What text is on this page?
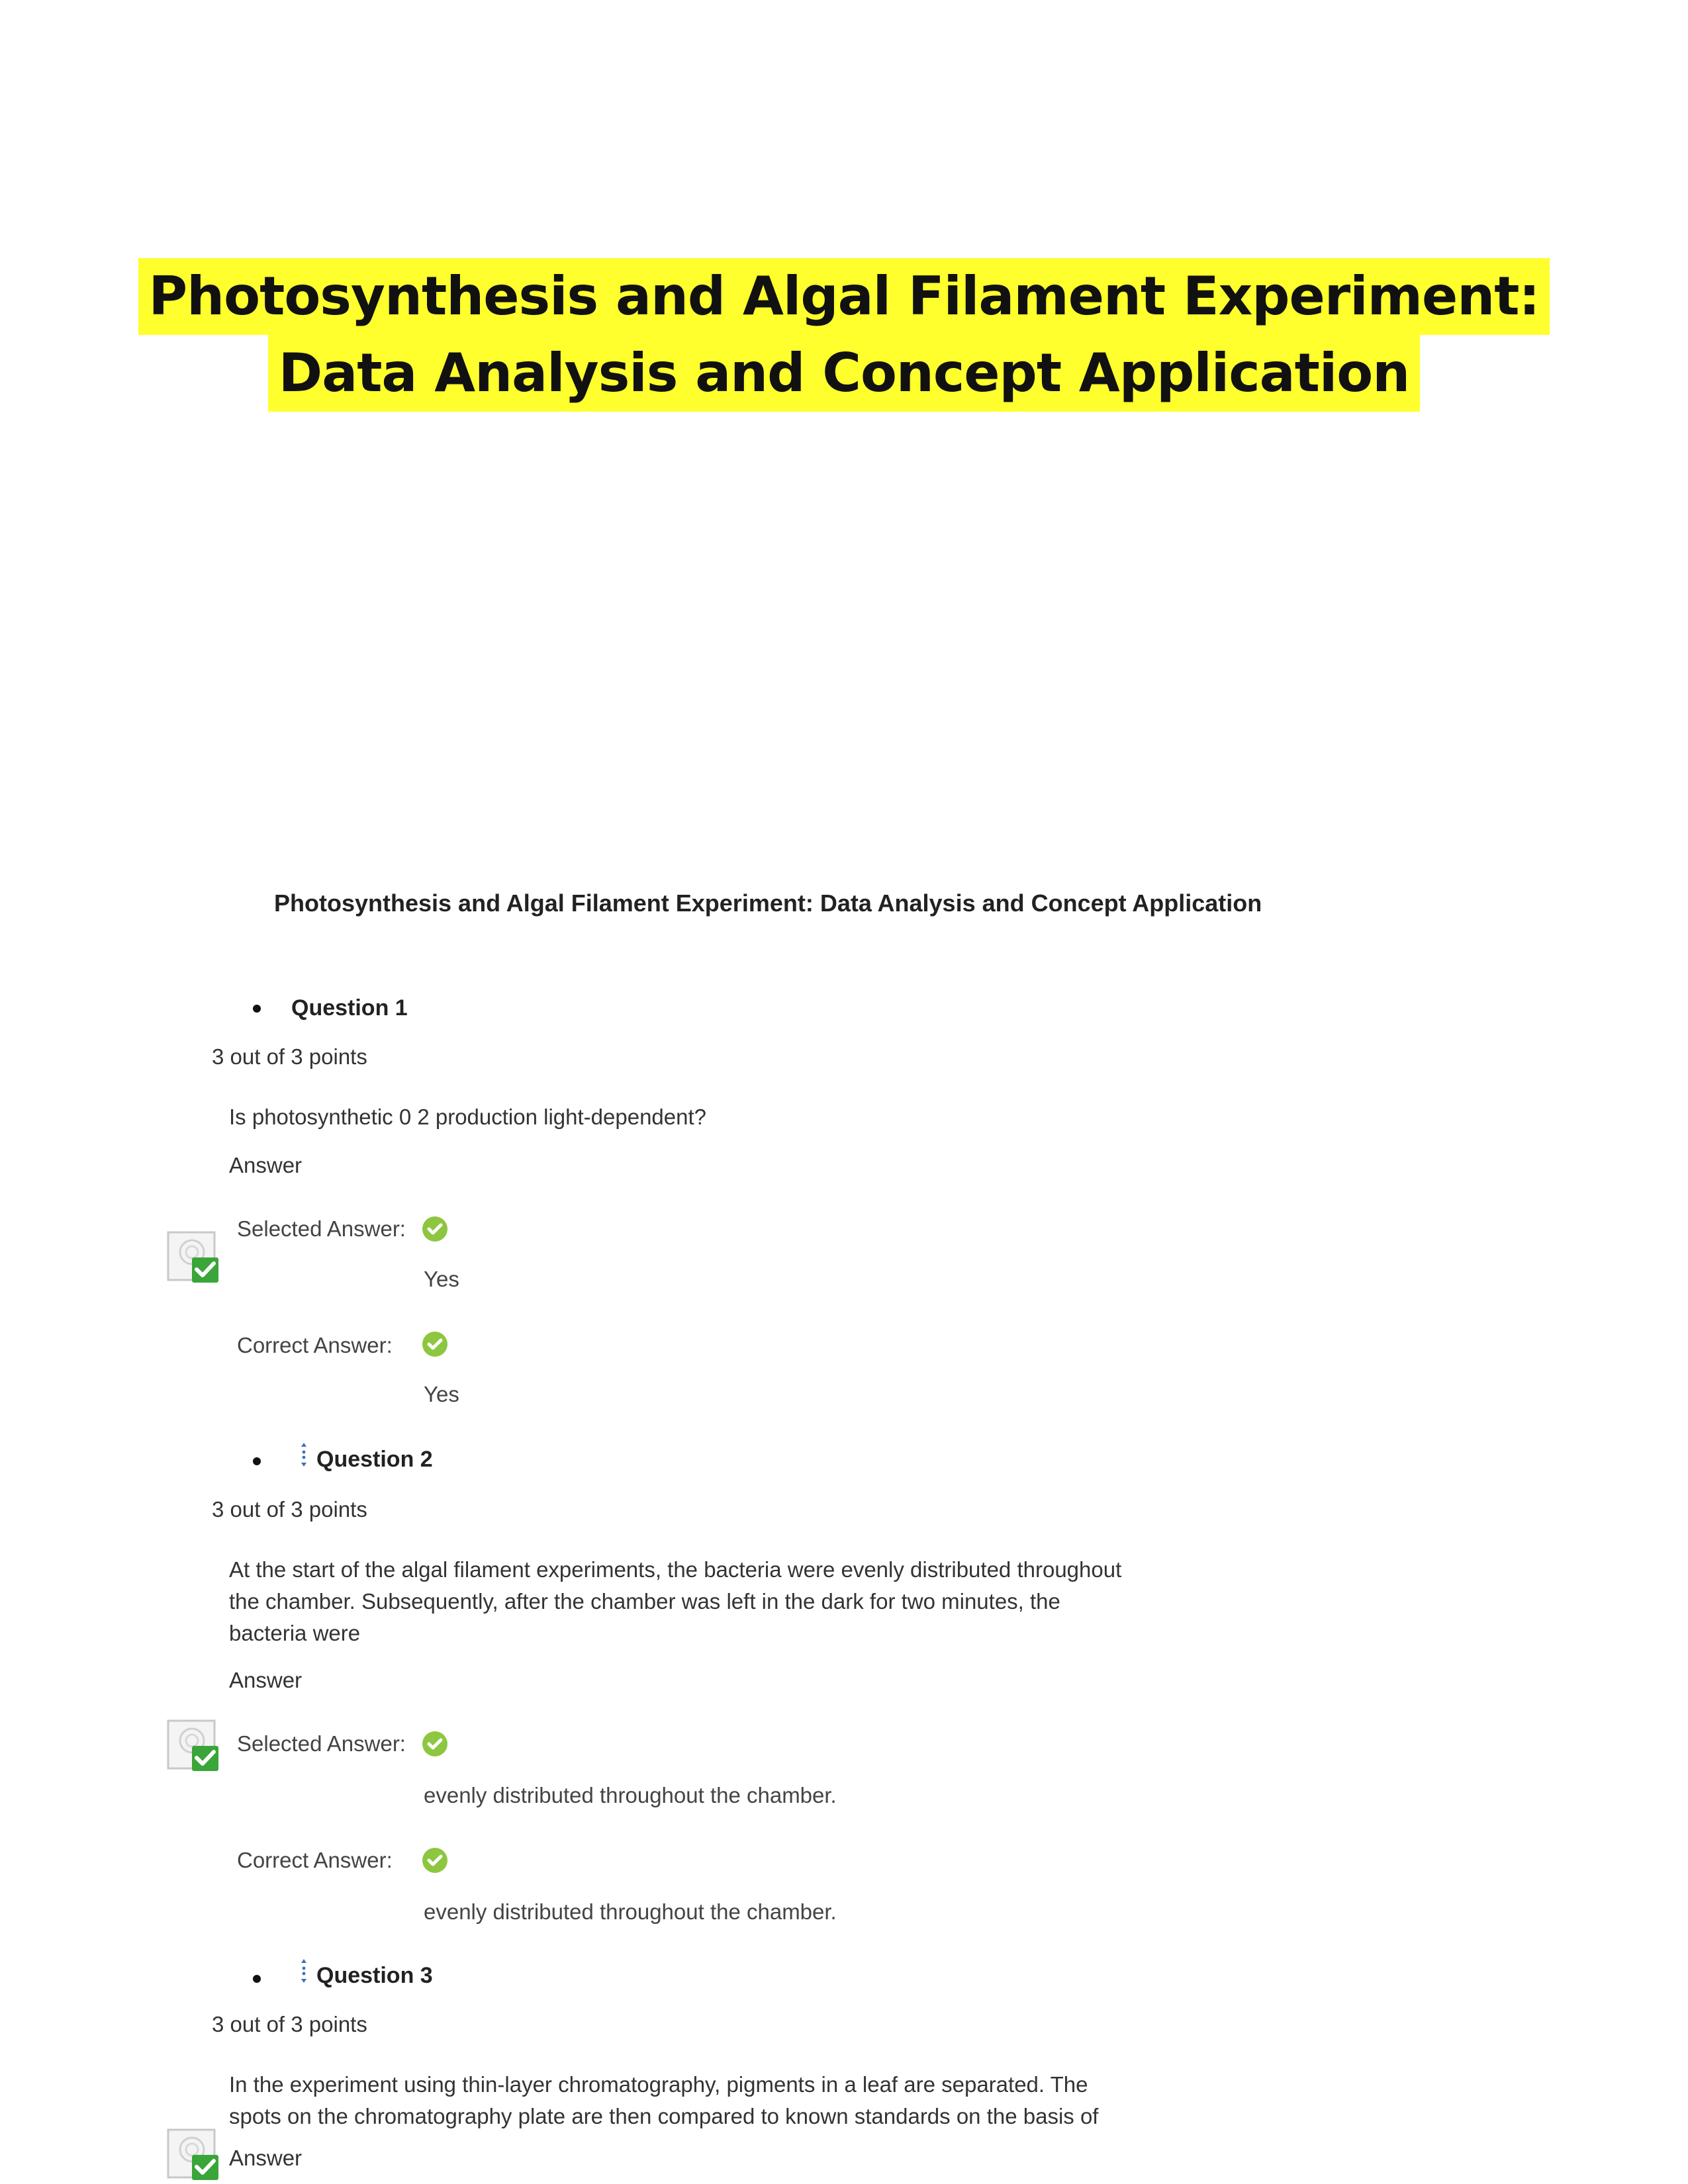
Photosynthesis and Algal Filament Experiment:
Data Analysis and Concept Application
Photosynthesis and Algal Filament Experiment: Data Analysis and Concept Application
Question 1
3 out of 3 points
Is photosynthetic 0 2 production light-dependent?
Answer
Selected Answer:
Yes
Correct Answer:
Yes
Question 2
3 out of 3 points
At the start of the algal filament experiments, the bacteria were evenly distributed throughout
the chamber. Subsequently, after the chamber was left in the dark for two minutes, the
bacteria were
Answer
Selected Answer:
evenly distributed throughout the chamber.
Correct Answer:
evenly distributed throughout the chamber.
Question 3
3 out of 3 points
In the experiment using thin-layer chromatography, pigments in a leaf are separated. The
spots on the chromatography plate are then compared to known standards on the basis of
Answer
